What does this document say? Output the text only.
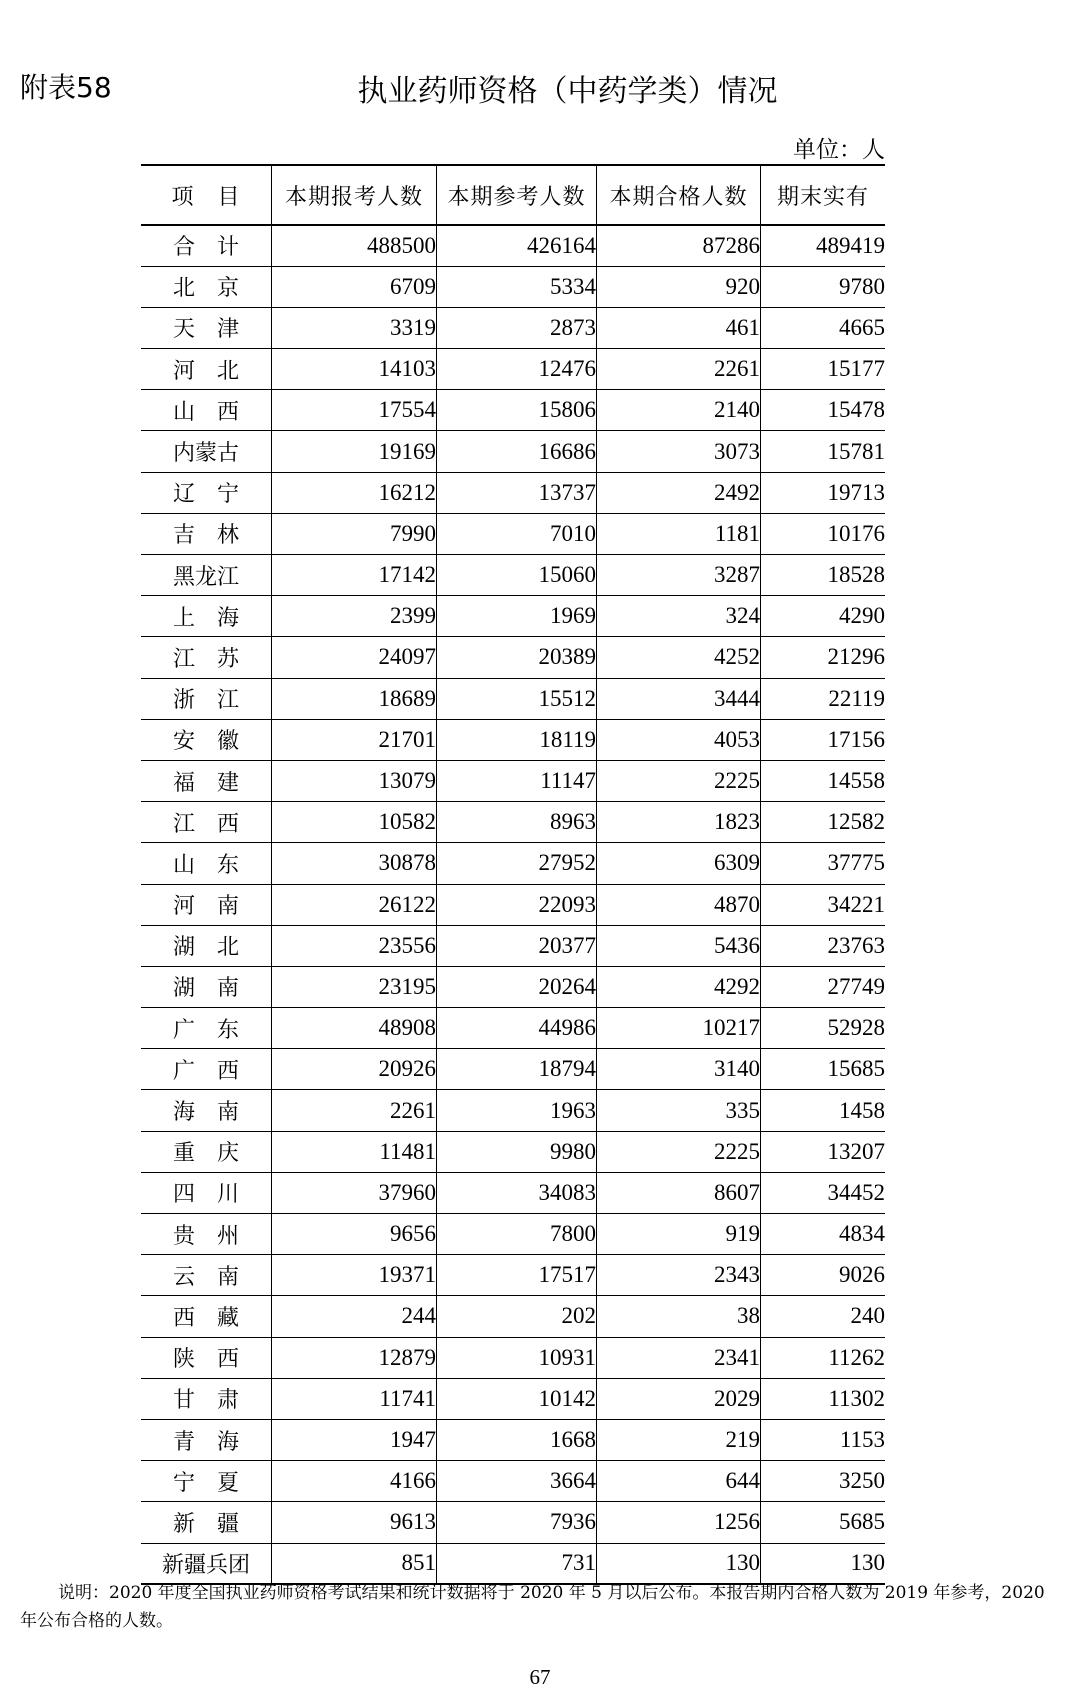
附表58	执业药师资格（中药学类）情况
单位：人
项　目	本期报考人数	本期参考人数	本期合格人数	期末实有
合　计	488500	426164	87286	489419
北　京	6709	5334	920	9780
天　津	3319	2873	461	4665
河　北	14103	12476	2261	15177
山　西	17554	15806	2140	15478
内蒙古	19169	16686	3073	15781
辽　宁	16212	13737	2492	19713
吉　林	7990	7010	1181	10176
黑龙江	17142	15060	3287	18528
上　海	2399	1969	324	4290
江　苏	24097	20389	4252	21296
浙　江	18689	15512	3444	22119
安　徽	21701	18119	4053	17156
福　建	13079	11147	2225	14558
江　西	10582	8963	1823	12582
山　东	30878	27952	6309	37775
河　南	26122	22093	4870	34221
湖　北	23556	20377	5436	23763
湖　南	23195	20264	4292	27749
广　东	48908	44986	10217	52928
广　西	20926	18794	3140	15685
海　南	2261	1963	335	1458
重　庆	11481	9980	2225	13207
四　川	37960	34083	8607	34452
贵　州	9656	7800	919	4834
云　南	19371	17517	2343	9026
西　藏	244	202	38	240
陕　西	12879	10931	2341	11262
甘　肃	11741	10142	2029	11302
青　海	1947	1668	219	1153
宁　夏	4166	3664	644	3250
新　疆	9613	7936	1256	5685
新疆兵团	851	731	130	130
说明：2020 年度全国执业药师资格考试结果和统计数据将于 2020 年 5 月以后公布。本报告期内合格人数为 2019 年参考，2020 年公布合格的人数。
67
